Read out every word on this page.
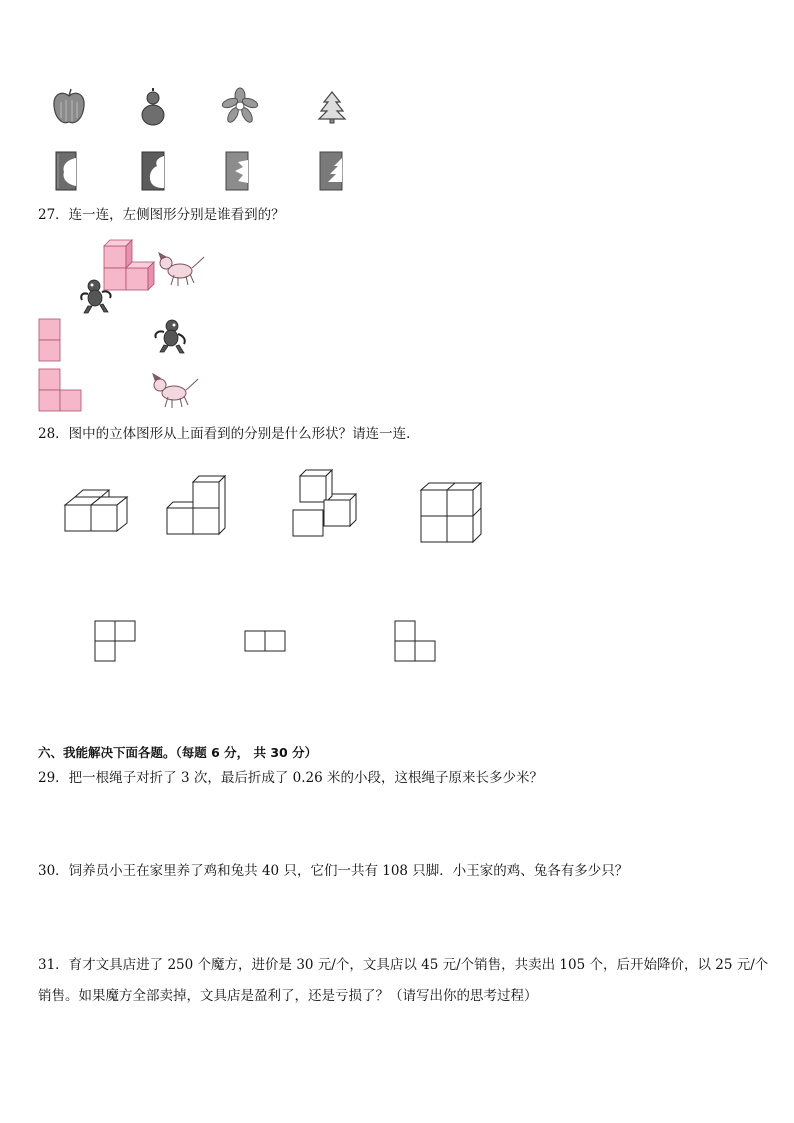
27．连一连，左侧图形分别是谁看到的？
28．图中的立体图形从上面看到的分别是什么形状？请连一连．
六、我能解决下面各题。（每题 6 分， 共 30 分）
29．把一根绳子对折了 3 次，最后折成了 0.26 米的小段，这根绳子原来长多少米？
30．饲养员小王在家里养了鸡和兔共 40 只，它们一共有 108 只脚．小王家的鸡、兔各有多少只？
31．育才文具店进了 250 个魔方，进价是 30 元/个，文具店以 45 元/个销售，共卖出 105 个，后开始降价，以 25 元/个
销售。如果魔方全部卖掉，文具店是盈利了，还是亏损了？（请写出你的思考过程）
